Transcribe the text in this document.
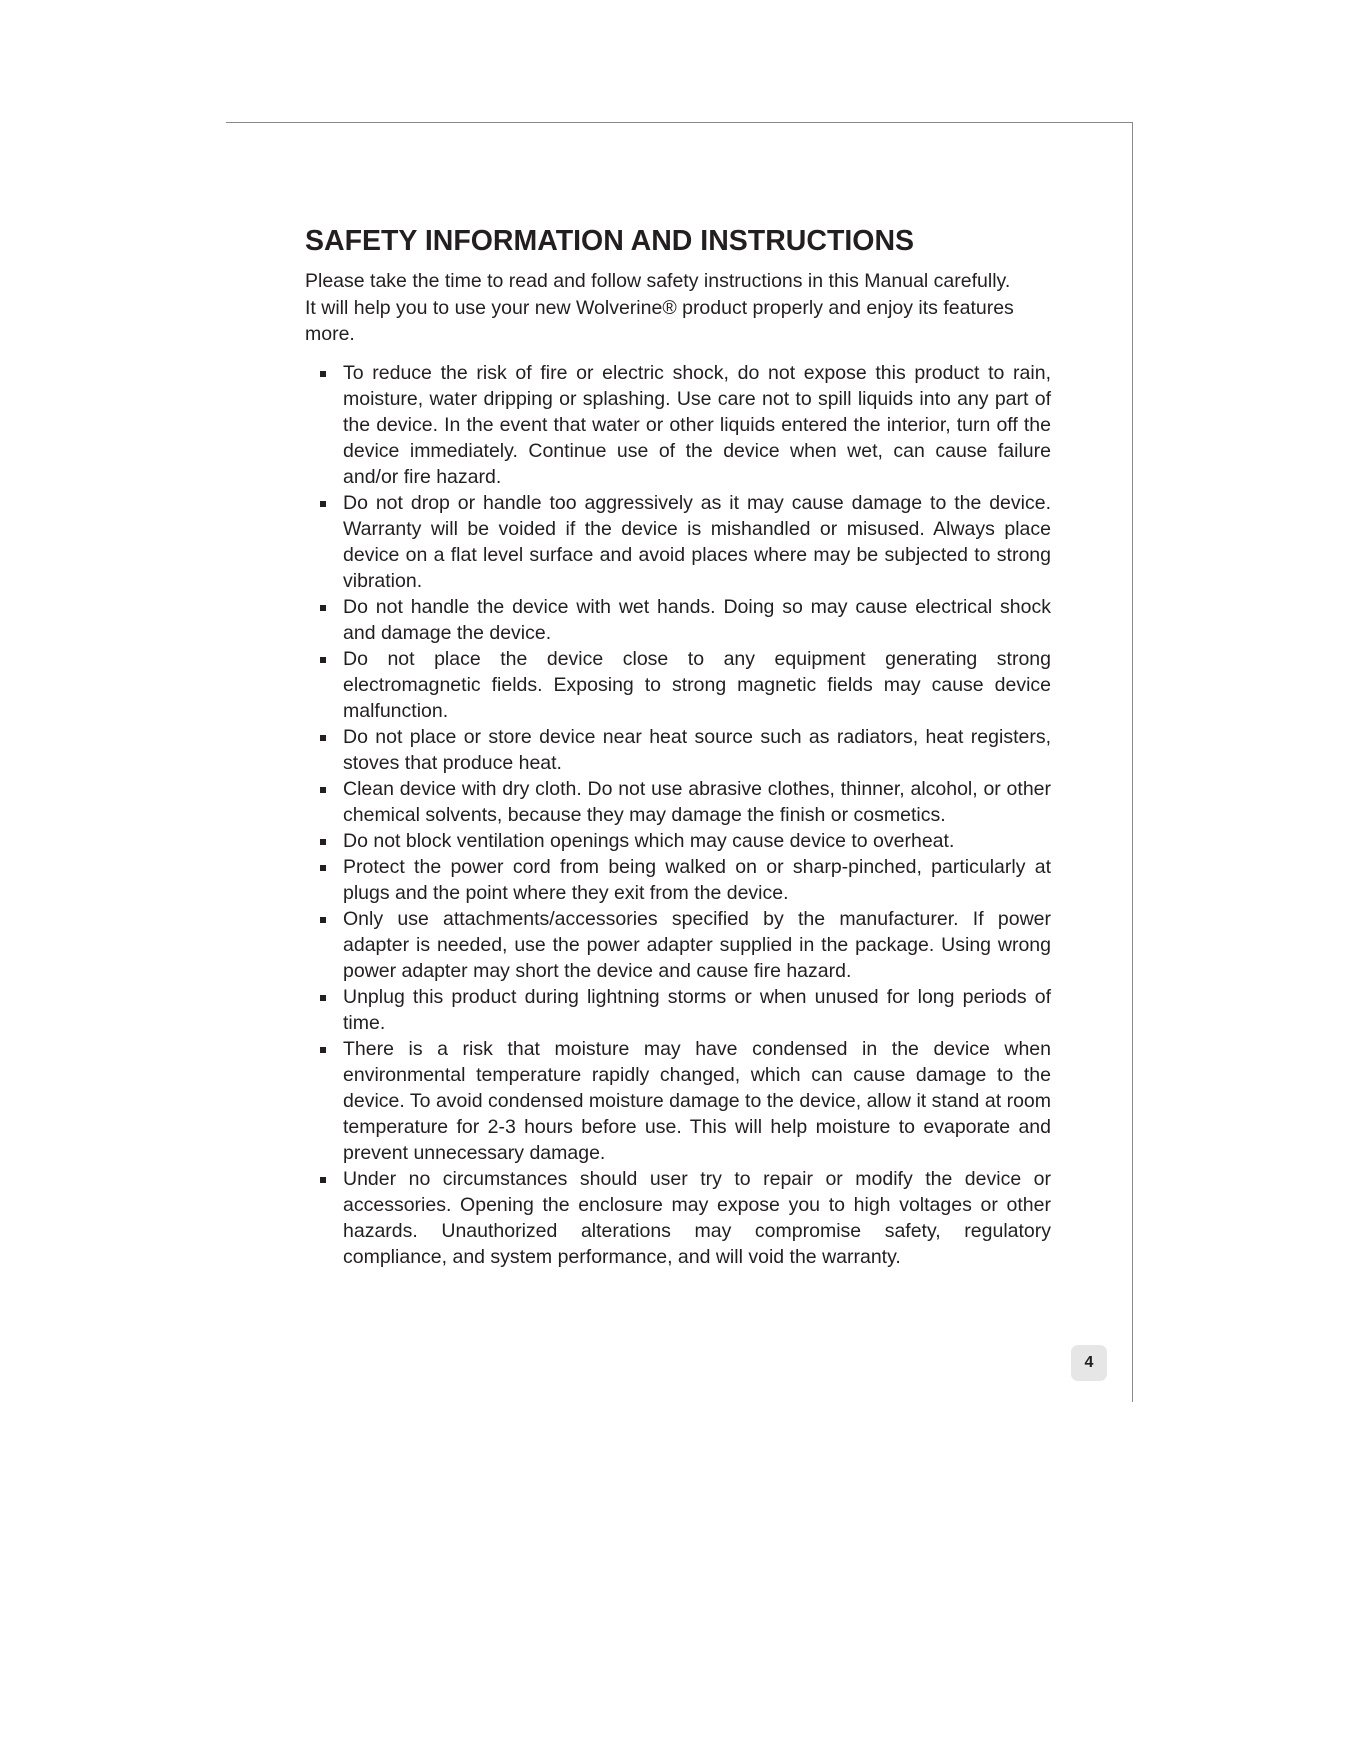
SAFETY INFORMATION AND INSTRUCTIONS

Please take the time to read and follow safety instructions in this Manual carefully. It will help you to use your new Wolverine® product properly and enjoy its features more.

To reduce the risk of fire or electric shock, do not expose this product to rain, moisture, water dripping or splashing. Use care not to spill liquids into any part of the device. In the event that water or other liquids entered the interior, turn off the device immediately. Continue use of the device when wet, can cause failure and/or fire hazard.
Do not drop or handle too aggressively as it may cause damage to the device. Warranty will be voided if the device is mishandled or misused. Always place device on a flat level surface and avoid places where may be subjected to strong vibration.
Do not handle the device with wet hands. Doing so may cause electrical shock and damage the device.
Do not place the device close to any equipment generating strong electromagnetic fields. Exposing to strong magnetic fields may cause device malfunction.
Do not place or store device near heat source such as radiators, heat registers, stoves that produce heat.
Clean device with dry cloth. Do not use abrasive clothes, thinner, alcohol, or other chemical solvents, because they may damage the finish or cosmetics.
Do not block ventilation openings which may cause device to overheat.
Protect the power cord from being walked on or sharp-pinched, particularly at plugs and the point where they exit from the device.
Only use attachments/accessories specified by the manufacturer. If power adapter is needed, use the power adapter supplied in the package. Using wrong power adapter may short the device and cause fire hazard.
Unplug this product during lightning storms or when unused for long periods of time.
There is a risk that moisture may have condensed in the device when environmental temperature rapidly changed, which can cause damage to the device. To avoid condensed moisture damage to the device, allow it stand at room temperature for 2-3 hours before use. This will help moisture to evaporate and prevent unnecessary damage.
Under no circumstances should user try to repair or modify the device or accessories. Opening the enclosure may expose you to high voltages or other hazards. Unauthorized alterations may compromise safety, regulatory compliance, and system performance, and will void the warranty.
4
